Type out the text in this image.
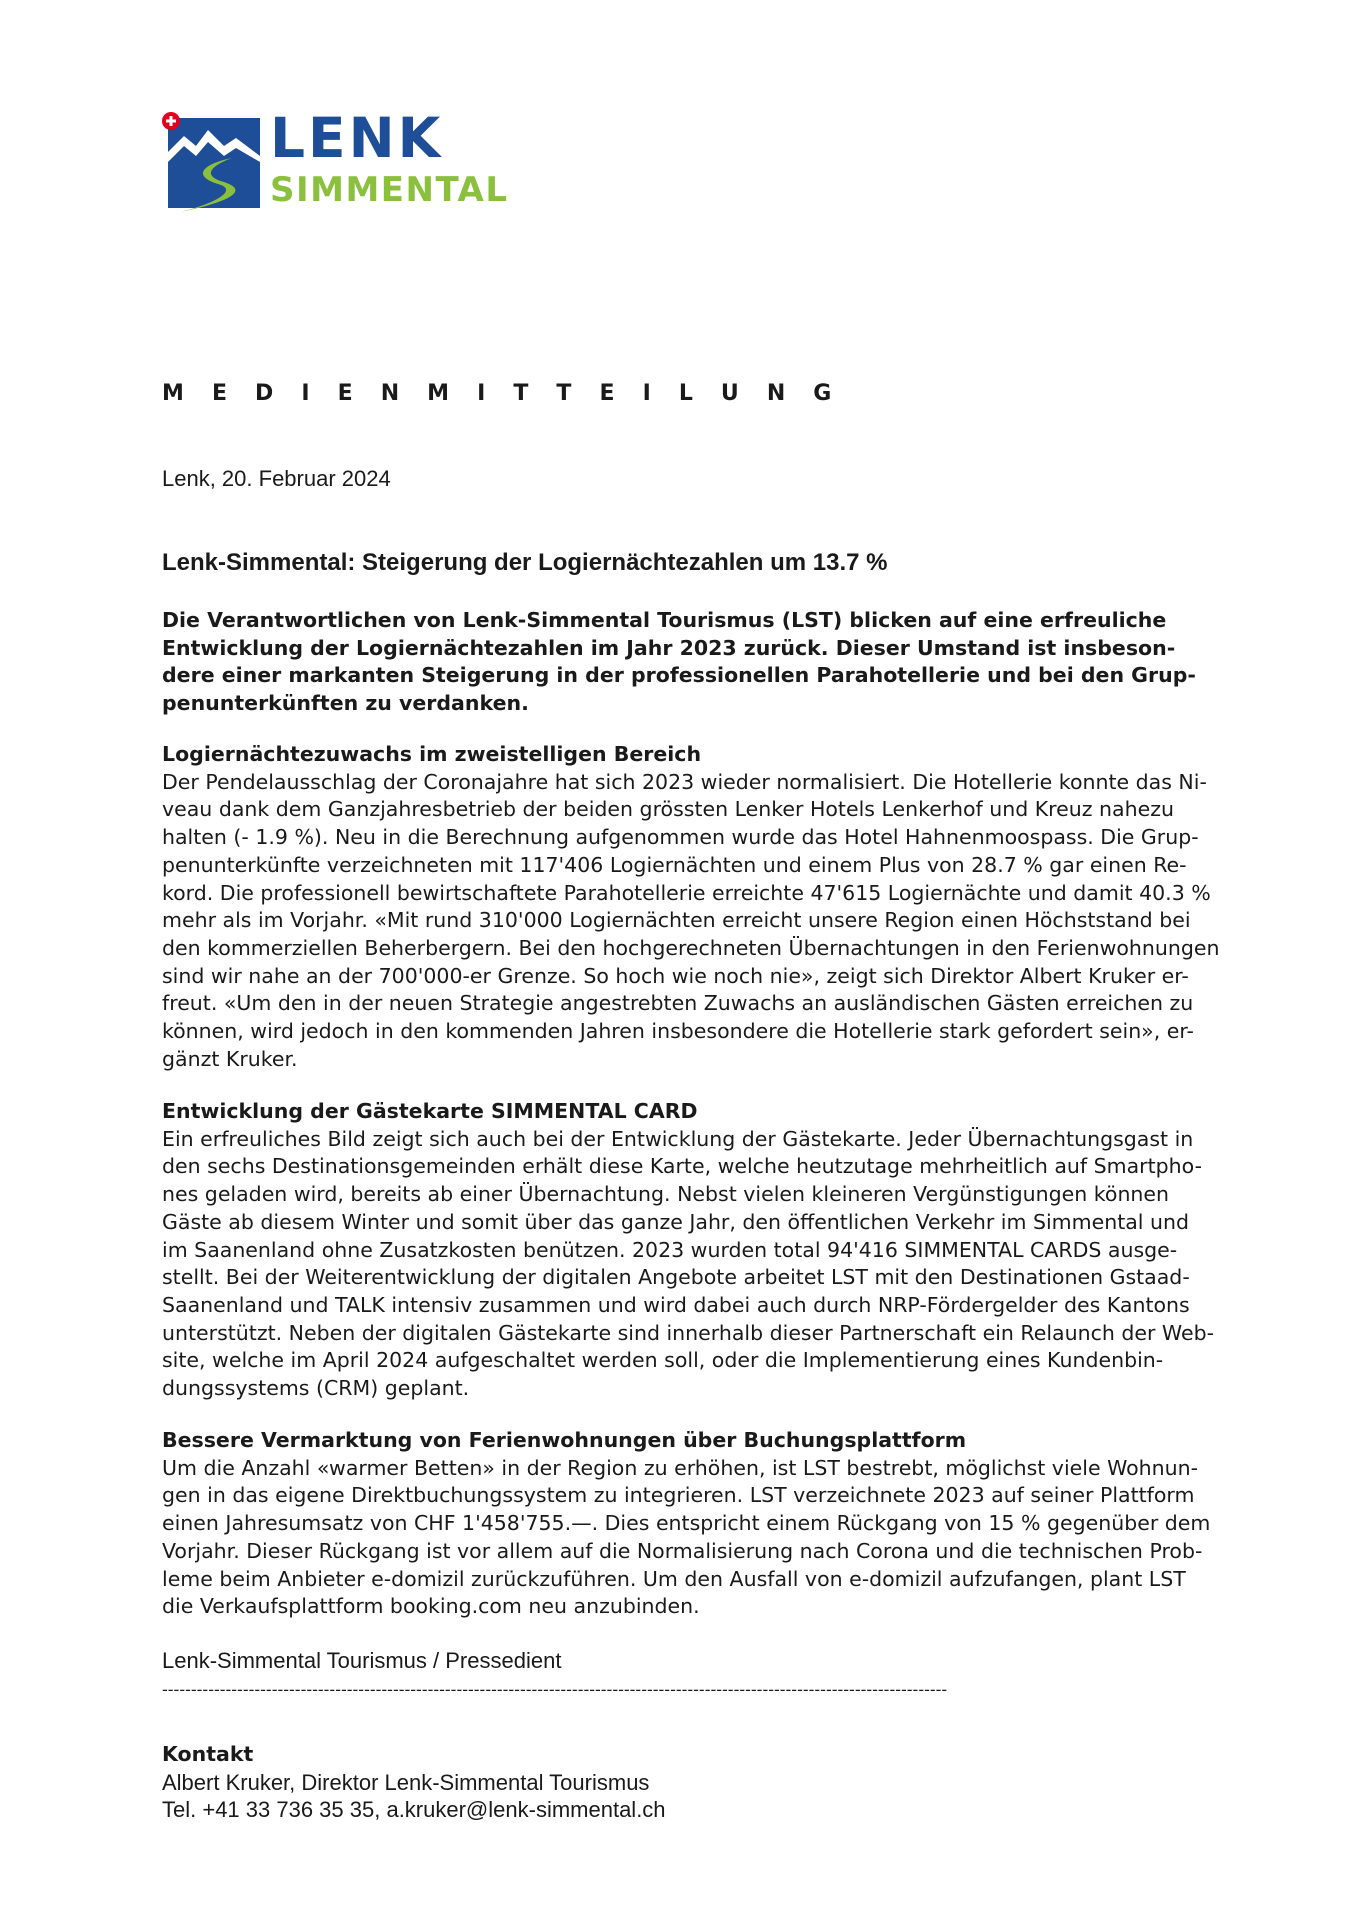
LENK
SIMMENTAL
M E D I E N M I T T E I L U N G
Lenk, 20. Februar 2024
Lenk-Simmental: Steigerung der Logiernächtezahlen um 13.7 %
Die Verantwortlichen von Lenk-Simmental Tourismus (LST) blicken auf eine erfreuliche
Entwicklung der Logiernächtezahlen im Jahr 2023 zurück. Dieser Umstand ist insbeson-
dere einer markanten Steigerung in der professionellen Parahotellerie und bei den Grup-
penunterkünften zu verdanken.
Logiernächtezuwachs im zweistelligen Bereich
Der Pendelausschlag der Coronajahre hat sich 2023 wieder normalisiert. Die Hotellerie konnte das Ni-
veau dank dem Ganzjahresbetrieb der beiden grössten Lenker Hotels Lenkerhof und Kreuz nahezu
halten (- 1.9 %). Neu in die Berechnung aufgenommen wurde das Hotel Hahnenmoospass. Die Grup-
penunterkünfte verzeichneten mit 117'406 Logiernächten und einem Plus von 28.7 % gar einen Re-
kord. Die professionell bewirtschaftete Parahotellerie erreichte 47'615 Logiernächte und damit 40.3 %
mehr als im Vorjahr. «Mit rund 310'000 Logiernächten erreicht unsere Region einen Höchststand bei
den kommerziellen Beherbergern. Bei den hochgerechneten Übernachtungen in den Ferienwohnungen
sind wir nahe an der 700'000-er Grenze. So hoch wie noch nie», zeigt sich Direktor Albert Kruker er-
freut. «Um den in der neuen Strategie angestrebten Zuwachs an ausländischen Gästen erreichen zu
können, wird jedoch in den kommenden Jahren insbesondere die Hotellerie stark gefordert sein», er-
gänzt Kruker.
Entwicklung der Gästekarte SIMMENTAL CARD
Ein erfreuliches Bild zeigt sich auch bei der Entwicklung der Gästekarte. Jeder Übernachtungsgast in
den sechs Destinationsgemeinden erhält diese Karte, welche heutzutage mehrheitlich auf Smartpho-
nes geladen wird, bereits ab einer Übernachtung. Nebst vielen kleineren Vergünstigungen können
Gäste ab diesem Winter und somit über das ganze Jahr, den öffentlichen Verkehr im Simmental und
im Saanenland ohne Zusatzkosten benützen. 2023 wurden total 94'416 SIMMENTAL CARDS ausge-
stellt. Bei der Weiterentwicklung der digitalen Angebote arbeitet LST mit den Destinationen Gstaad-
Saanenland und TALK intensiv zusammen und wird dabei auch durch NRP-Fördergelder des Kantons
unterstützt. Neben der digitalen Gästekarte sind innerhalb dieser Partnerschaft ein Relaunch der Web-
site, welche im April 2024 aufgeschaltet werden soll, oder die Implementierung eines Kundenbin-
dungssystems (CRM) geplant.
Bessere Vermarktung von Ferienwohnungen über Buchungsplattform
Um die Anzahl «warmer Betten» in der Region zu erhöhen, ist LST bestrebt, möglichst viele Wohnun-
gen in das eigene Direktbuchungssystem zu integrieren. LST verzeichnete 2023 auf seiner Plattform
einen Jahresumsatz von CHF 1'458'755.—. Dies entspricht einem Rückgang von 15 % gegenüber dem
Vorjahr. Dieser Rückgang ist vor allem auf die Normalisierung nach Corona und die technischen Prob-
leme beim Anbieter e-domizil zurückzuführen. Um den Ausfall von e-domizil aufzufangen, plant LST
die Verkaufsplattform booking.com neu anzubinden.
Lenk-Simmental Tourismus / Pressedient
----------------------------------------------------------------------------------------------------------------------------------------
Kontakt
Albert Kruker, Direktor Lenk-Simmental Tourismus
Tel. +41 33 736 35 35, a.kruker@lenk-simmental.ch
